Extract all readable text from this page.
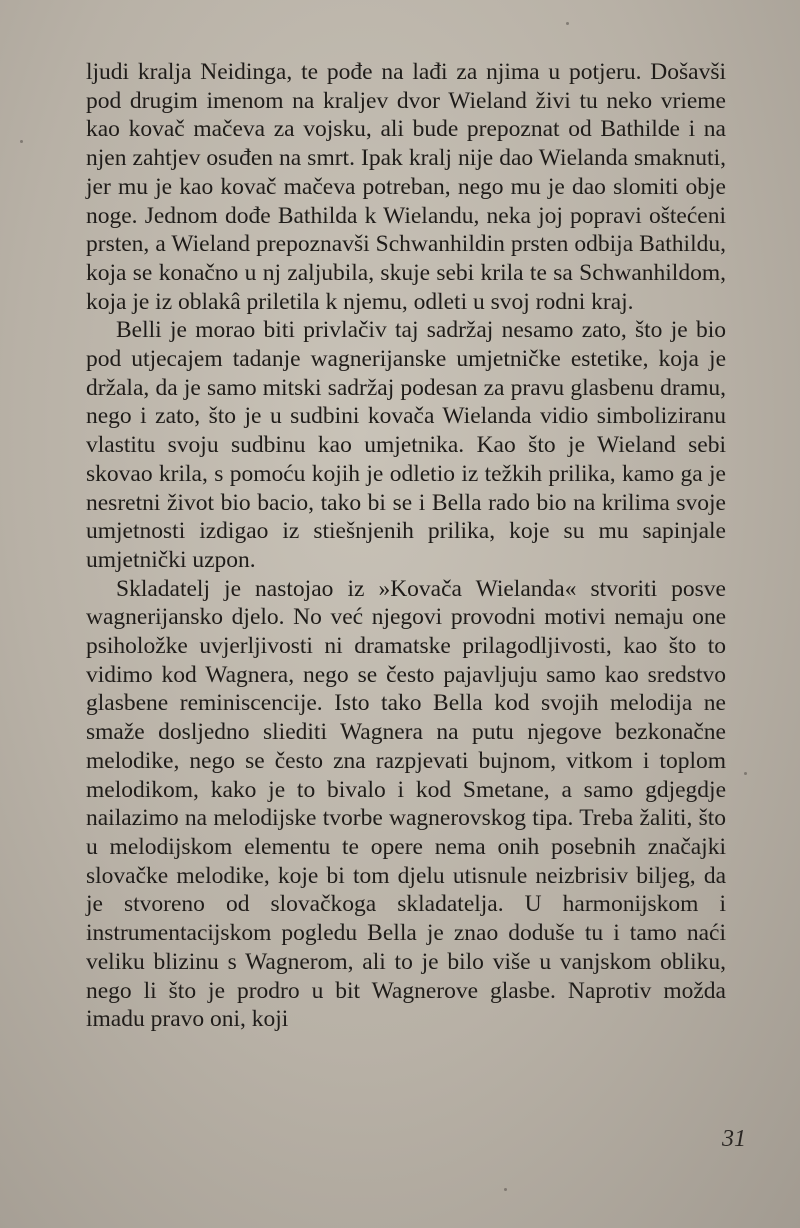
ljudi kralja Neidinga, te pođe na lađi za njima u potjeru. Došavši pod drugim imenom na kraljev dvor Wieland živi tu neko vrieme kao kovač mačeva za vojsku, ali bude prepoznat od Bathilde i na njen zahtjev osuđen na smrt. Ipak kralj nije dao Wielanda smaknuti, jer mu je kao kovač mačeva potreban, nego mu je dao slomiti obje noge. Jednom dođe Bathilda k Wielandu, neka joj popravi oštećeni prsten, a Wieland prepoznavši Schwanhildin prsten odbija Bathildu, koja se konačno u nj zaljubila, skuje sebi krila te sa Schwanhildom, koja je iz oblakâ priletila k njemu, odleti u svoj rodni kraj.

Belli je morao biti privlačiv taj sadržaj nesamo zato, što je bio pod utjecajem tadanje wagnerijanske umjetničke estetike, koja je držala, da je samo mitski sadržaj podesan za pravu glasbenu dramu, nego i zato, što je u sudbini kovača Wielanda vidio simboliziranu vlastitu svoju sudbinu kao umjetnika. Kao što je Wieland sebi skovao krila, s pomoću kojih je odletio iz težkih prilika, kamo ga je nesretni život bio bacio, tako bi se i Bella rado bio na krilima svoje umjetnosti izdigao iz stiešnjenih prilika, koje su mu sapinjale umjetnički uzpon.

Skladatelj je nastojao iz »Kovača Wielanda« stvoriti posve wagnerijansko djelo. No već njegovi provodni motivi nemaju one psiholožke uvjerljivosti ni dramatske prilagodljivosti, kao što to vidimo kod Wagnera, nego se često pajavljuju samo kao sredstvo glasbene reminiscencije. Isto tako Bella kod svojih melodija ne smaže dosljedno sliediti Wagnera na putu njegove bezkonačne melodike, nego se često zna razpjevati bujnom, vitkom i toplom melodikom, kako je to bivalo i kod Smetane, a samo gdjegdje nailazimo na melodijske tvorbe wagnerovskog tipa. Treba žaliti, što u melodijskom elementu te opere nema onih posebnih značajki slovačke melodike, koje bi tom djelu utisnule neizbrisiv biljeg, da je stvoreno od slovačkoga skladatelja. U harmonijskom i instrumentacijskom pogledu Bella je znao doduše tu i tamo naći veliku blizinu s Wagnerom, ali to je bilo više u vanjskom obliku, nego li što je prodro u bit Wagnerove glasbe. Naprotiv možda imadu pravo oni, koji

31
